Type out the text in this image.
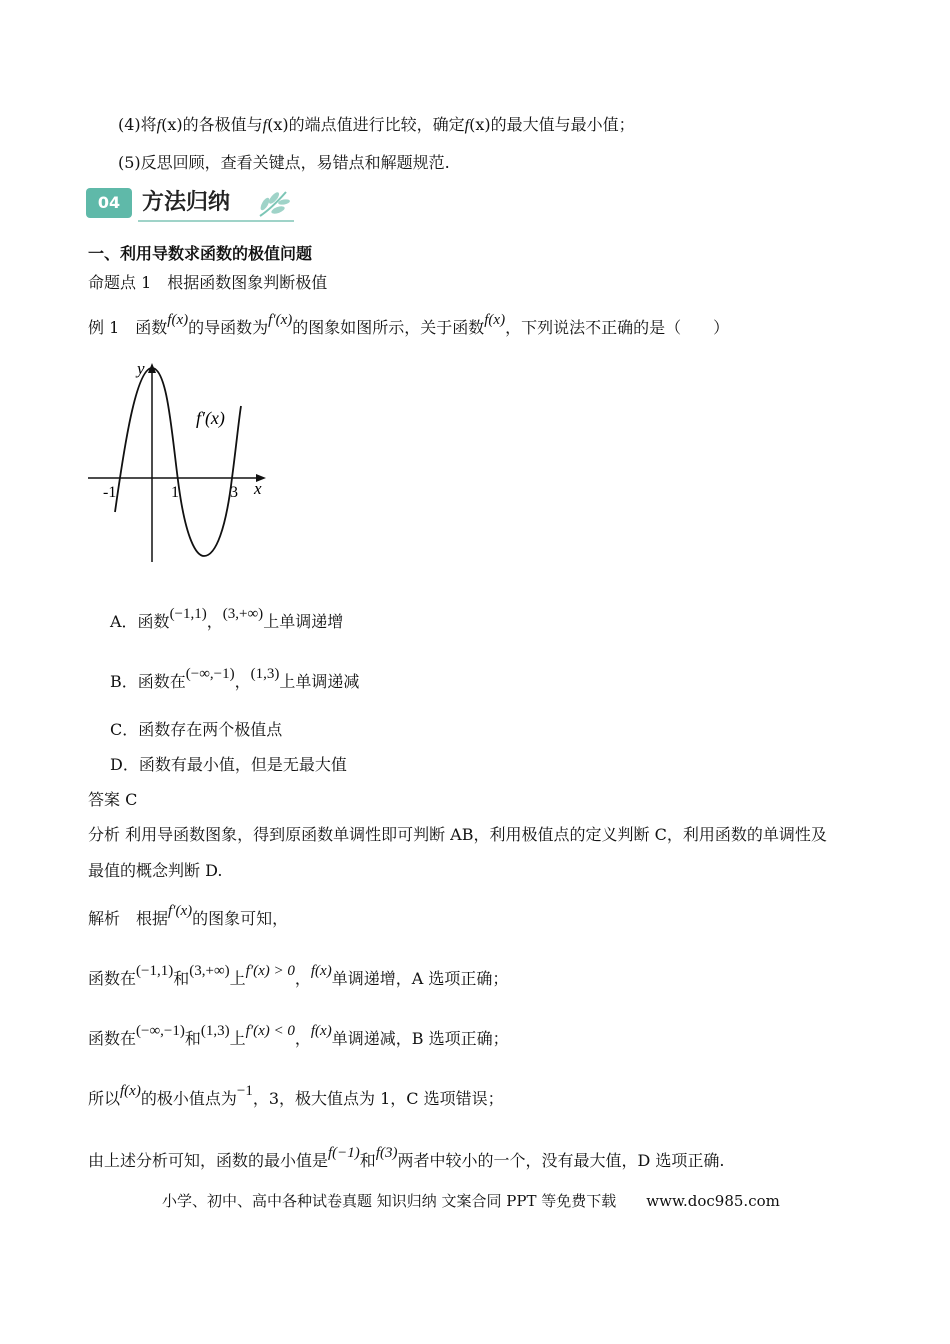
(4)将f(x)的各极值与f(x)的端点值进行比较，确定f(x)的最大值与最小值；
(5)反思回顾，查看关键点，易错点和解题规范.
04 方法归纳
一、利用导数求函数的极值问题
命题点 1　根据函数图象判断极值
例 1　函数f(x)的导函数为f′(x)的图象如图所示，关于函数f(x)，下列说法不正确的是（　　）
y
x
f′(x)
-1	1	3
A．函数(−1,1)，(3,+∞)上单调递增
B．函数在(−∞,−1)，(1,3)上单调递减
C．函数存在两个极值点
D．函数有最小值，但是无最大值
答案 C
分析 利用导函数图象，得到原函数单调性即可判断 AB，利用极值点的定义判断 C，利用函数的单调性及
最值的概念判断 D.
解析　根据f′(x)的图象可知，
函数在(−1,1)和(3,+∞)上f′(x) > 0，f(x)单调递增，A 选项正确；
函数在(−∞,−1)和(1,3)上f′(x) < 0，f(x)单调递减，B 选项正确；
所以f(x)的极小值点为−1，3，极大值点为 1，C 选项错误；
由上述分析可知，函数的最小值是f(−1)和f(3)两者中较小的一个，没有最大值，D 选项正确.
小学、初中、高中各种试卷真题 知识归纳 文案合同 PPT 等免费下载　　www.doc985.com
